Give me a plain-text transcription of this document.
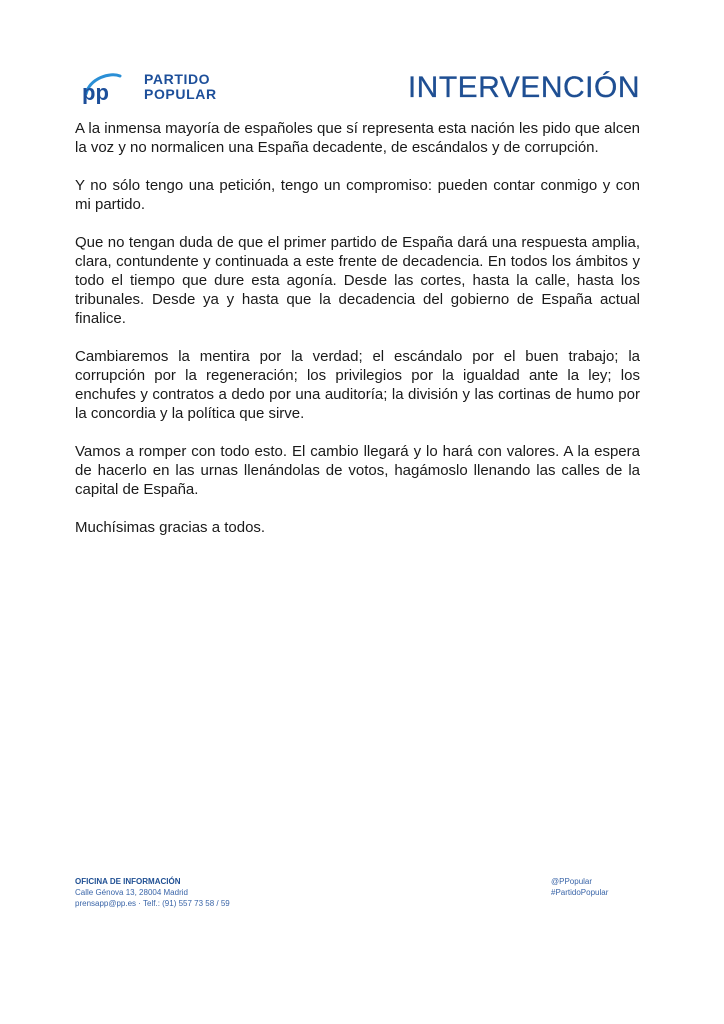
pp
PARTIDO
POPULAR	INTERVENCIÓN

A la inmensa mayoría de españoles que sí representa esta nación les pido que alcen la voz y no normalicen una España decadente, de escándalos y de corrupción.

Y no sólo tengo una petición, tengo un compromiso: pueden contar conmigo y con mi partido.

Que no tengan duda de que el primer partido de España dará una respuesta amplia, clara, contundente y continuada a este frente de decadencia. En todos los ámbitos y todo el tiempo que dure esta agonía. Desde las cortes, hasta la calle, hasta los tribunales. Desde ya y hasta que la decadencia del gobierno de España actual finalice.

Cambiaremos la mentira por la verdad; el escándalo por el buen trabajo; la corrupción por la regeneración; los privilegios por la igualdad ante la ley; los enchufes y contratos a dedo por una auditoría; la división y las cortinas de humo por la concordia y la política que sirve.

Vamos a romper con todo esto. El cambio llegará y lo hará con valores. A la espera de hacerlo en las urnas llenándolas de votos, hagámoslo llenando las calles de la capital de España.

Muchísimas gracias a todos.

OFICINA DE INFORMACIÓN
Calle Génova 13, 28004 Madrid
prensapp@pp.es · Telf.: (91) 557 73 58 / 59
@PPopular
#PartidoPopular
